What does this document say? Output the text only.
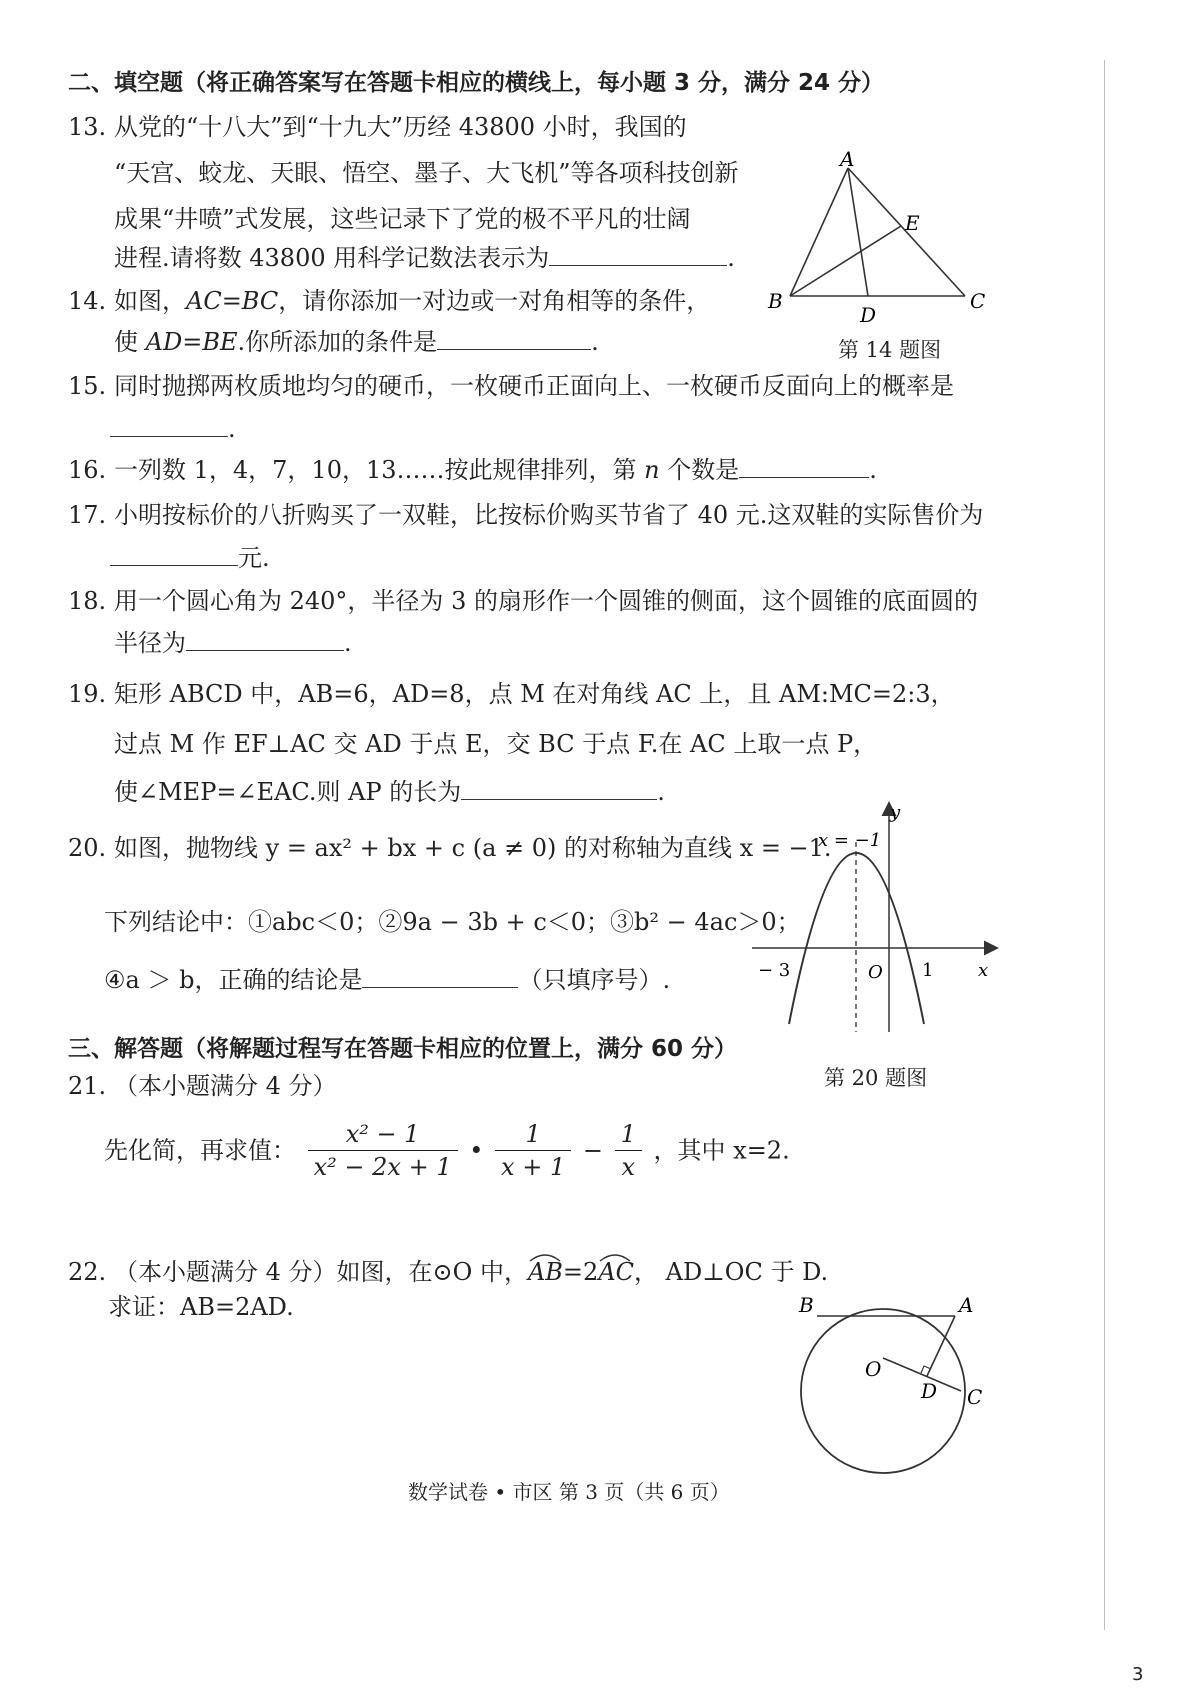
二、填空题（将正确答案写在答题卡相应的横线上，每小题 3 分，满分 24 分）
13. 从党的“十八大”到“十九大”历经 43800 小时，我国的
“天宫、蛟龙、天眼、悟空、墨子、大飞机”等各项科技创新
成果“井喷”式发展，这些记录下了党的极不平凡的壮阔
进程.请将数 43800 用科学记数法表示为	.
A
E
B	C
D
第 14 题图
14. 如图，AC=BC，请你添加一对边或一对角相等的条件，
使 AD=BE.你所添加的条件是	.
15. 同时抛掷两枚质地均匀的硬币，一枚硬币正面向上、一枚硬币反面向上的概率是
.
16. 一列数 1，4，7，10，13……按此规律排列，第 n 个数是	.
17. 小明按标价的八折购买了一双鞋，比按标价购买节省了 40 元.这双鞋的实际售价为
元.
18. 用一个圆心角为 240°，半径为 3 的扇形作一个圆锥的侧面，这个圆锥的底面圆的
半径为	.
19. 矩形 ABCD 中，AB=6，AD=8，点 M 在对角线 AC 上，且 AM:MC=2:3，
过点 M 作 EF⊥AC 交 AD 于点 E，交 BC 于点 F.在 AC 上取一点 P，
使∠MEP=∠EAC.则 AP 的长为	.
y
x = −1
− 3	O 1 x
第 20 题图
20. 如图，抛物线 y = ax² + bx + c (a ≠ 0) 的对称轴为直线 x = −1.
下列结论中：①abc＜0；②9a − 3b + c＜0；③b² − 4ac＞0；
④a ＞ b，正确的结论是	（只填序号）.
三、解答题（将解题过程写在答题卡相应的位置上，满分 60 分）
21. （本小题满分 4 分）
先化简，再求值： $\frac{\text{x² − 1}}{\text{x² − 2x + 1}}$ • $\frac{1}{x + 1} - \frac{1}{x}$ ，其中 x=2.
22. （本小题满分 4 分）如图，在⊙O 中，
AB=2
AC， AD⊥OC 于 D.
求证：AB=2AD.	B	A
O
D C
数学试卷 • 市区 第 3 页（共 6 页）
3
